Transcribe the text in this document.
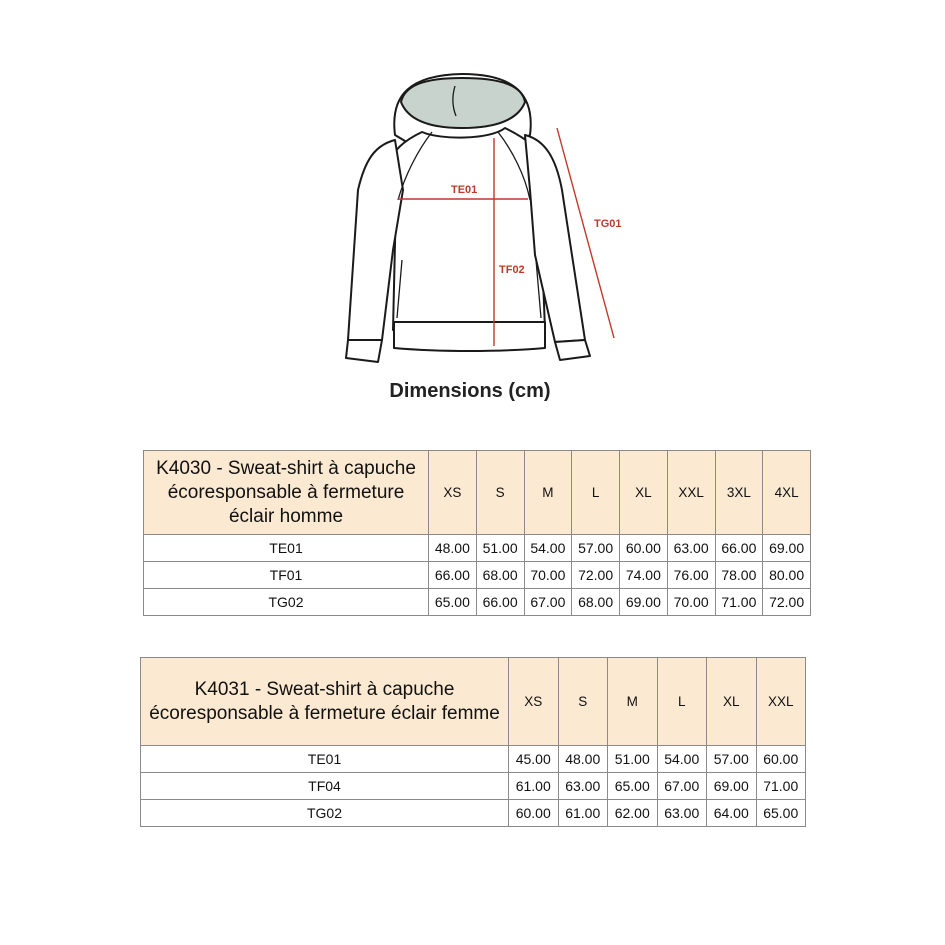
TE01
TF02
TG01
Dimensions (cm)
K4030 - Sweat-shirt à capuche écoresponsable à fermeture éclair homme	XS	S	M	L	XL	XXL	3XL	4XL
TE01	48.00	51.00	54.00	57.00	60.00	63.00	66.00	69.00
TF01	66.00	68.00	70.00	72.00	74.00	76.00	78.00	80.00
TG02	65.00	66.00	67.00	68.00	69.00	70.00	71.00	72.00
K4031 - Sweat-shirt à capuche écoresponsable à fermeture éclair femme	XS	S	M	L	XL	XXL
TE01	45.00	48.00	51.00	54.00	57.00	60.00
TF04	61.00	63.00	65.00	67.00	69.00	71.00
TG02	60.00	61.00	62.00	63.00	64.00	65.00
